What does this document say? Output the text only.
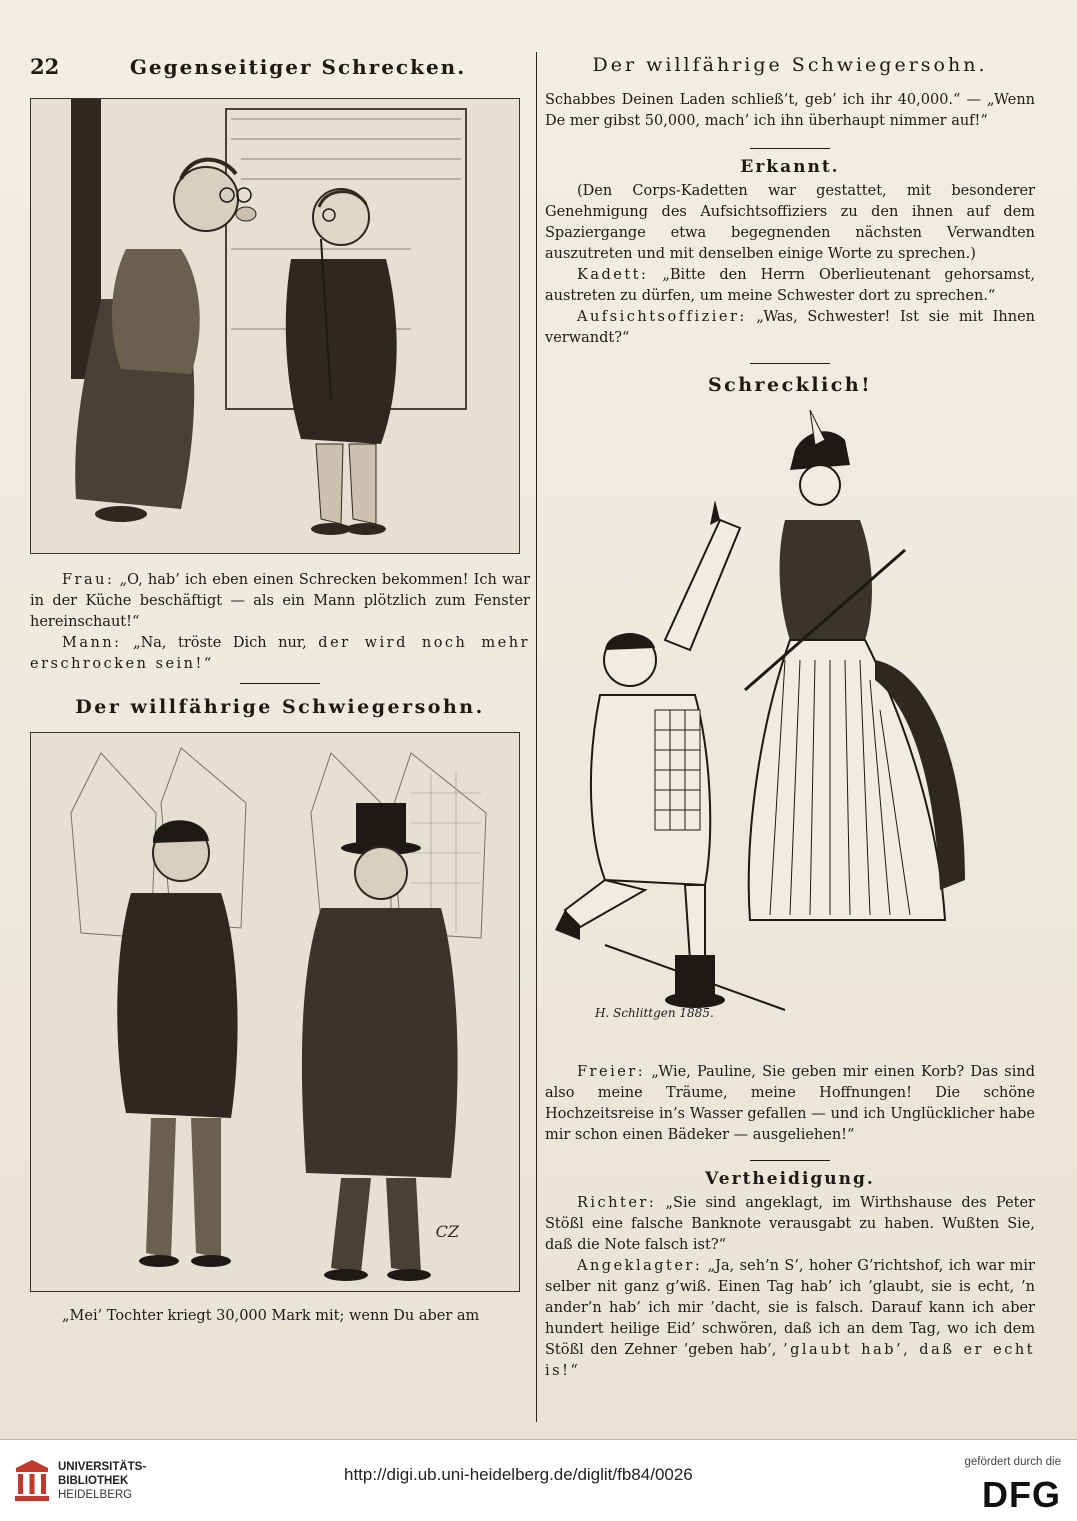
22	Gegenseitiger Schrecken.

Frau: „O, hab’ ich eben einen Schrecken bekommen! Ich war in der Küche beschäftigt — als ein Mann plötzlich zum Fenster hereinschaut!“

Mann: „Na, tröste Dich nur, der wird noch mehr erschrocken sein!“

Der willfährige Schwiegersohn.
CZ

„Mei’ Tochter kriegt 30,000 Mark mit; wenn Du aber am

Der willfährige Schwiegersohn.

Schabbes Deinen Laden schließ’t, geb’ ich ihr 40,000.“ — „Wenn De mer gibst 50,000, mach’ ich ihn überhaupt nimmer auf!“

Erkannt.

(Den Corps-Kadetten war gestattet, mit besonderer Genehmigung des Aufsichtsoffiziers zu den ihnen auf dem Spaziergange etwa begegnenden nächsten Verwandten auszutreten und mit denselben einige Worte zu sprechen.)

Kadett: „Bitte den Herrn Oberlieutenant gehorsamst, austreten zu dürfen, um meine Schwester dort zu sprechen.“

Aufsichtsoffizier: „Was, Schwester! Ist sie mit Ihnen verwandt?“

Schrecklich!
H. Schlittgen 1885.

Freier: „Wie, Pauline, Sie geben mir einen Korb? Das sind also meine Träume, meine Hoffnungen! Die schöne Hochzeitsreise in’s Wasser gefallen — und ich Unglücklicher habe mir schon einen Bädeker — ausgeliehen!“

Vertheidigung.

Richter: „Sie sind angeklagt, im Wirthshause des Peter Stößl eine falsche Banknote verausgabt zu haben. Wußten Sie, daß die Note falsch ist?“

Angeklagter: „Ja, seh’n S’, hoher G’richtshof, ich war mir selber nit ganz g’wiß. Einen Tag hab’ ich ’glaubt, sie is echt, ’n ander’n hab’ ich mir ’dacht, sie is falsch. Darauf kann ich aber hundert heilige Eid’ schwören, daß ich an dem Tag, wo ich dem Stößl den Zehner ’geben hab’, ’glaubt hab’, daß er echt is!“

UNIVERSITÄTS-
BIBLIOTHEK
HEIDELBERG
http://digi.ub.uni-heidelberg.de/diglit/fb84/0026
gefördert durch die
DFG
